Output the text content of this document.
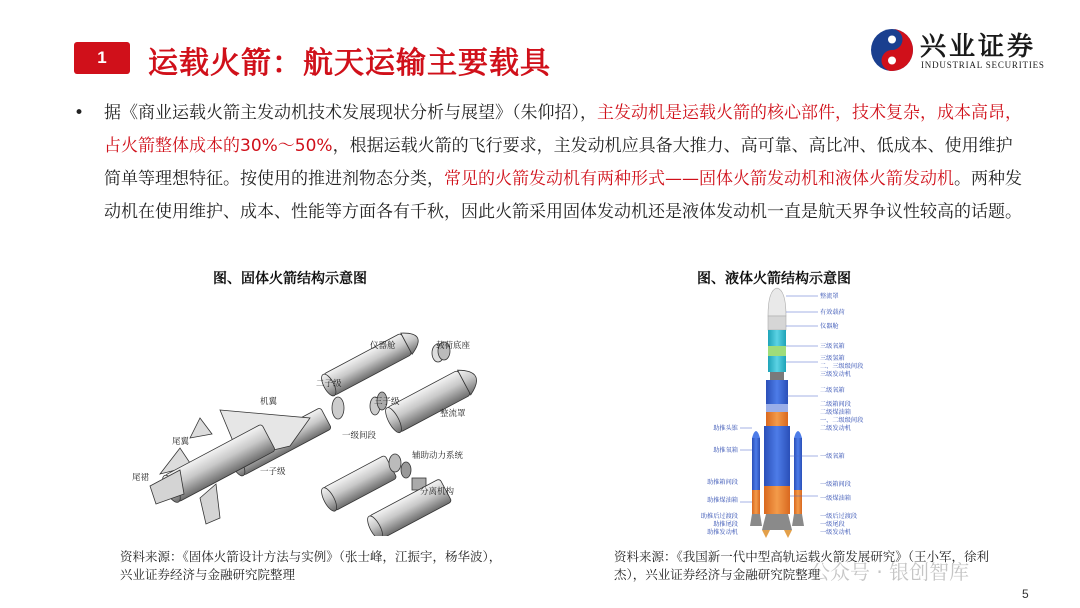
1	运载火箭：航天运输主要载具	兴业证券
INDUSTRIAL SECURITIES
• 据《商业运载火箭主发动机技术发展现状分析与展望》（朱仰招），主发动机是运载火箭的核心部件，技术复杂，成本高昂，占火箭整体成本的30%～50%，根据运载火箭的飞行要求，主发动机应具备大推力、高可靠、高比冲、低成本、使用维护简单等理想特征。按使用的推进剂物态分类，常见的火箭发动机有两种形式——固体火箭发动机和液体火箭发动机。两种发动机在使用维护、成本、性能等方面各有千秋，因此火箭采用固体发动机还是液体发动机一直是航天界争议性较高的话题。
图、固体火箭结构示意图	图、液体火箭结构示意图
仪器舱	载荷底座
二子级
机翼	三子级
整流罩
一级间段
尾翼
一子级
辅助动力系统
尾裙
分离机构
整流罩
有效载荷
仪器舱
三级氧箱
三级氢箱
二、三级级间段
三级发动机
二级氧箱
二级箱间段
二级煤油箱
一、二级级间段
二级发动机
一级氧箱
一级箱间段
一级煤油箱
一级后过渡段
一级尾段
一级发动机
助推头锥
助推氧箱
助推箱间段
助推煤油箱
助推后过渡段
助推尾段
助推发动机
资料来源：《固体火箭设计方法与实例》（张士峰，江振宇，杨华波），
兴业证券经济与金融研究院整理
资料来源：《我国新一代中型高轨运载火箭发展研究》（王小军，徐利
杰），兴业证券经济与金融研究院整理
公众号 · 银创智库
5
